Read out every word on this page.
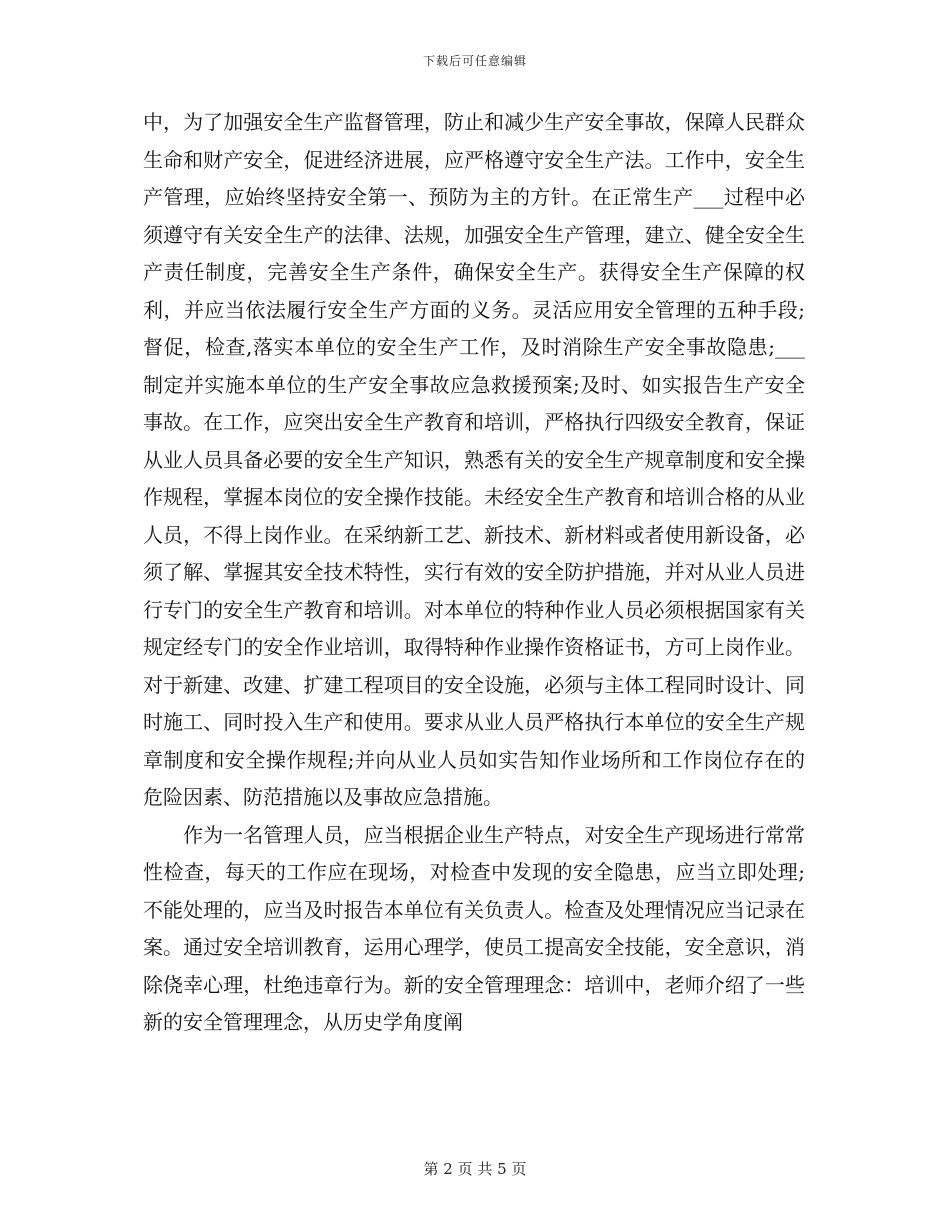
下载后可任意编辑

中，为了加强安全生产监督管理，防止和减少生产安全事故，保障人民群众生命和财产安全，促进经济进展，应严格遵守安全生产法。工作中，安全生产管理，应始终坚持安全第一、预防为主的方针。在正常生产___过程中必须遵守有关安全生产的法律、法规，加强安全生产管理，建立、健全安全生产责任制度，完善安全生产条件，确保安全生产。获得安全生产保障的权利，并应当依法履行安全生产方面的义务。灵活应用安全管理的五种手段;督促，检查,落实本单位的安全生产工作，及时消除生产安全事故隐患;___制定并实施本单位的生产安全事故应急救援预案;及时、如实报告生产安全事故。在工作，应突出安全生产教育和培训，严格执行四级安全教育，保证从业人员具备必要的安全生产知识，熟悉有关的安全生产规章制度和安全操作规程，掌握本岗位的安全操作技能。未经安全生产教育和培训合格的从业人员，不得上岗作业。在采纳新工艺、新技术、新材料或者使用新设备，必须了解、掌握其安全技术特性，实行有效的安全防护措施，并对从业人员进行专门的安全生产教育和培训。对本单位的特种作业人员必须根据国家有关规定经专门的安全作业培训，取得特种作业操作资格证书，方可上岗作业。对于新建、改建、扩建工程项目的安全设施，必须与主体工程同时设计、同时施工、同时投入生产和使用。要求从业人员严格执行本单位的安全生产规章制度和安全操作规程;并向从业人员如实告知作业场所和工作岗位存在的危险因素、防范措施以及事故应急措施。

作为一名管理人员，应当根据企业生产特点，对安全生产现场进行常常性检查，每天的工作应在现场，对检查中发现的安全隐患，应当立即处理;不能处理的，应当及时报告本单位有关负责人。检查及处理情况应当记录在案。通过安全培训教育，运用心理学，使员工提高安全技能，安全意识，消除侥幸心理，杜绝违章行为。新的安全管理理念：培训中，老师介绍了一些新的安全管理理念，从历史学角度阐

第 2 页 共 5 页
